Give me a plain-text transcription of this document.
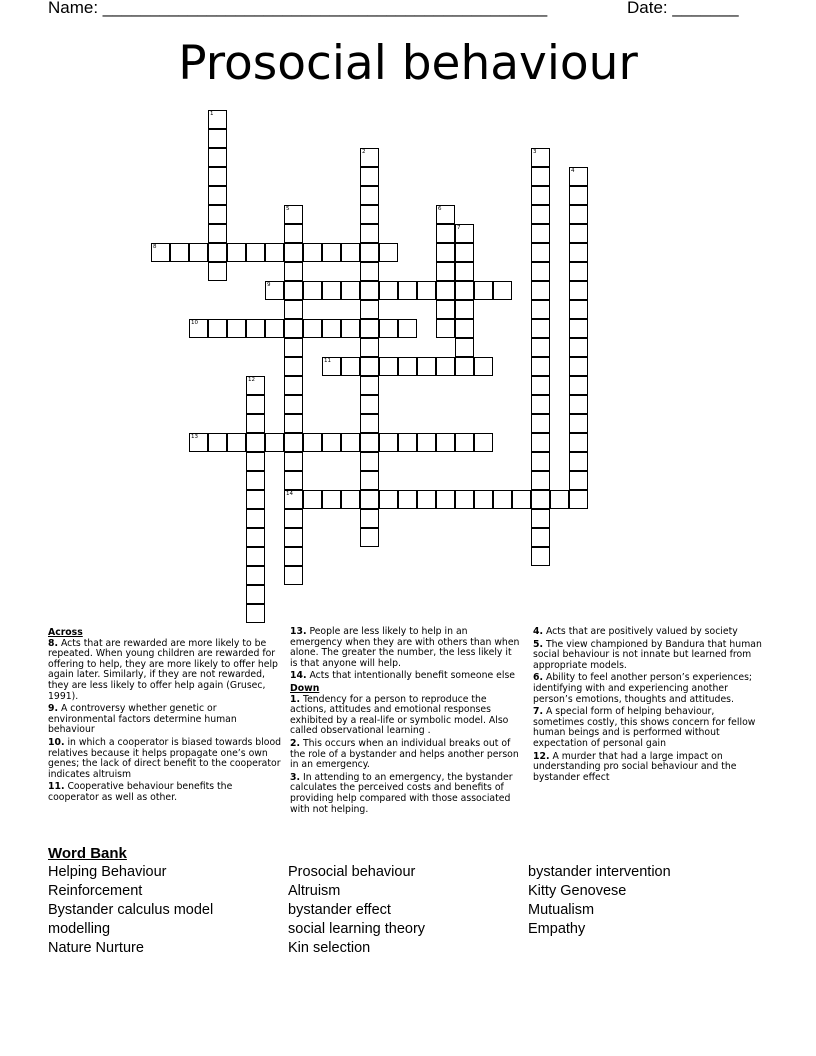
Name: _______________________________________________	Date: _______
Prosocial behaviour
1
2	3
4
5
14
6
7
8
9
10
11
12
13
Across
8. Acts that are rewarded are more likely to be repeated. When young children are rewarded for offering to help, they are more likely to offer help again later. Similarly, if they are not rewarded, they are less likely to offer help again (Grusec, 1991).
9. A controversy whether genetic or environmental factors determine human behaviour
10. in which a cooperator is biased towards blood relatives because it helps propagate one’s own genes; the lack of direct benefit to the cooperator indicates altruism
11. Cooperative behaviour benefits the cooperator as well as other.
13. People are less likely to help in an emergency when they are with others than when alone. The greater the number, the less likely it is that anyone will help.
14. Acts that intentionally benefit someone else
Down
1. Tendency for a person to reproduce the actions, attitudes and emotional responses exhibited by a real-life or symbolic model. Also called observational learning .
2. This occurs when an individual breaks out of the role of a bystander and helps another person in an emergency.
3. In attending to an emergency, the bystander calculates the perceived costs and benefits of providing help compared with those associated with not helping.
4. Acts that are positively valued by society
5. The view championed by Bandura that human social behaviour is not innate but learned from appropriate models.
6. Ability to feel another person’s experiences; identifying with and experiencing another person’s emotions, thoughts and attitudes.
7. A special form of helping behaviour, sometimes costly, this shows concern for fellow human beings and is performed without expectation of personal gain
12. A murder that had a large impact on understanding pro social behaviour and the bystander effect
Word Bank
Helping Behaviour
Reinforcement
Bystander calculus model
modelling
Nature Nurture
Prosocial behaviour
Altruism
bystander effect
social learning theory
Kin selection
bystander intervention
Kitty Genovese
Mutualism
Empathy
